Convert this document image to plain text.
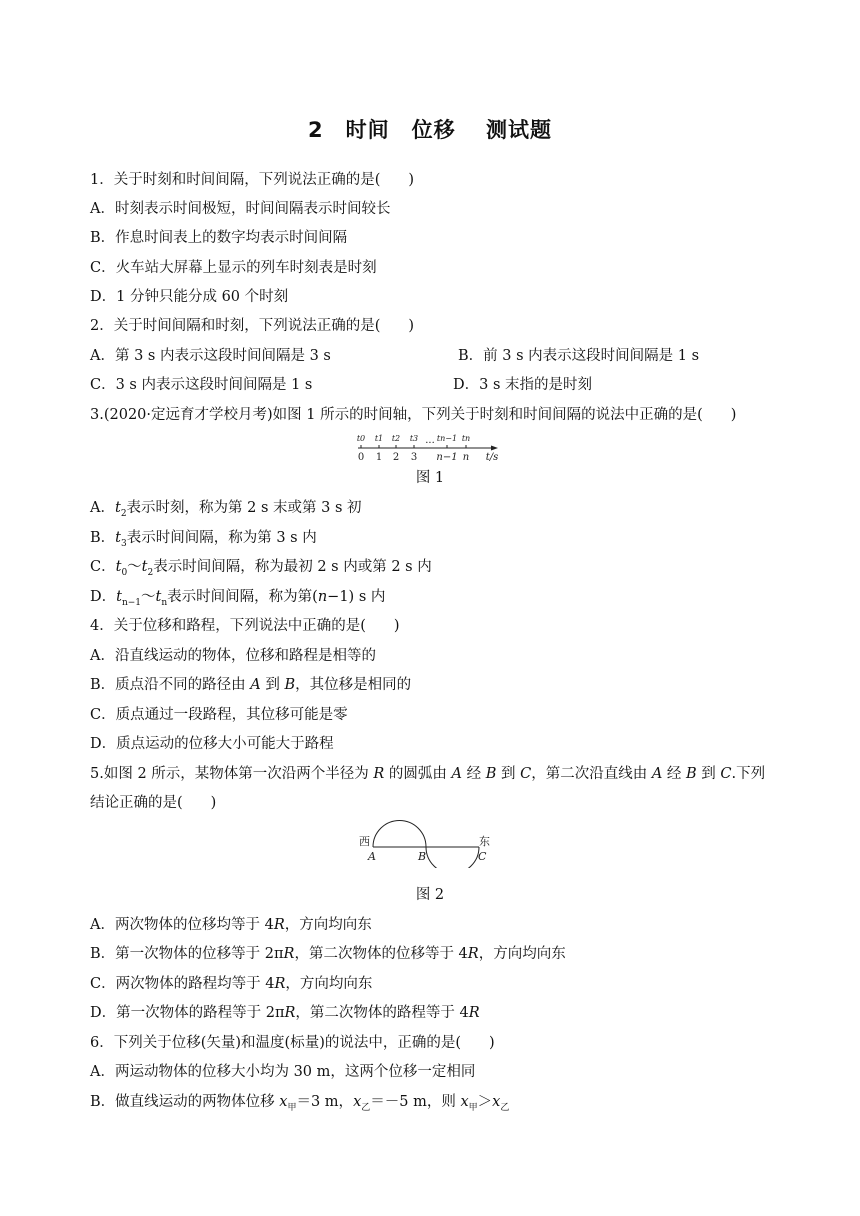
2　时间　位移　 测试题
1．关于时刻和时间间隔，下列说法正确的是( )
A．时刻表示时间极短，时间间隔表示时间较长
B．作息时间表上的数字均表示时间间隔
C．火车站大屏幕上显示的列车时刻表是时刻
D．1 分钟只能分成 60 个时刻
2．关于时间间隔和时刻，下列说法正确的是( )
A．第 3 s 内表示这段时间间隔是 3 s	B．前 3 s 内表示这段时间间隔是 1 s
C．3 s 内表示这段时间间隔是 1 s	D．3 s 末指的是时刻
3.(2020·定远育才学校月考)如图 1 所示的时间轴，下列关于时刻和时间间隔的说法中正确的是( )
t0 t1 t2 t3 tn−1 tn
···
0 1 2 3 n−1 n t/s
图 1
A．$t_2$表示时刻，称为第 2 s 末或第 3 s 初
B．$t_3$表示时间间隔，称为第 3 s 内
C．$t_0\sim t_2$表示时间间隔，称为最初 2 s 内或第 2 s 内
D．$t_{n-1}\sim t_n$表示时间间隔，称为第(n−1) s 内
4．关于位移和路程，下列说法中正确的是( )
A．沿直线运动的物体，位移和路程是相等的
B．质点沿不同的路径由 A 到 B，其位移是相同的
C．质点通过一段路程，其位移可能是零
D．质点运动的位移大小可能大于路程
5.如图 2 所示，某物体第一次沿两个半径为 R 的圆弧由 A 经 B 到 C，第二次沿直线由 A 经 B 到 C.下列
结论正确的是( )
西	东
A	B	C
图 2
A．两次物体的位移均等于 4R，方向均向东
B．第一次物体的位移等于 2πR，第二次物体的位移等于 4R，方向均向东
C．两次物体的路程均等于 4R，方向均向东
D．第一次物体的路程等于 2πR，第二次物体的路程等于 4R
6．下列关于位移(矢量)和温度(标量)的说法中，正确的是( )
A．两运动物体的位移大小均为 30 m，这两个位移一定相同
B．做直线运动的两物体位移 $x_甲=3$ m，$x_乙=-5$ m，则 $x_甲>x_乙$
